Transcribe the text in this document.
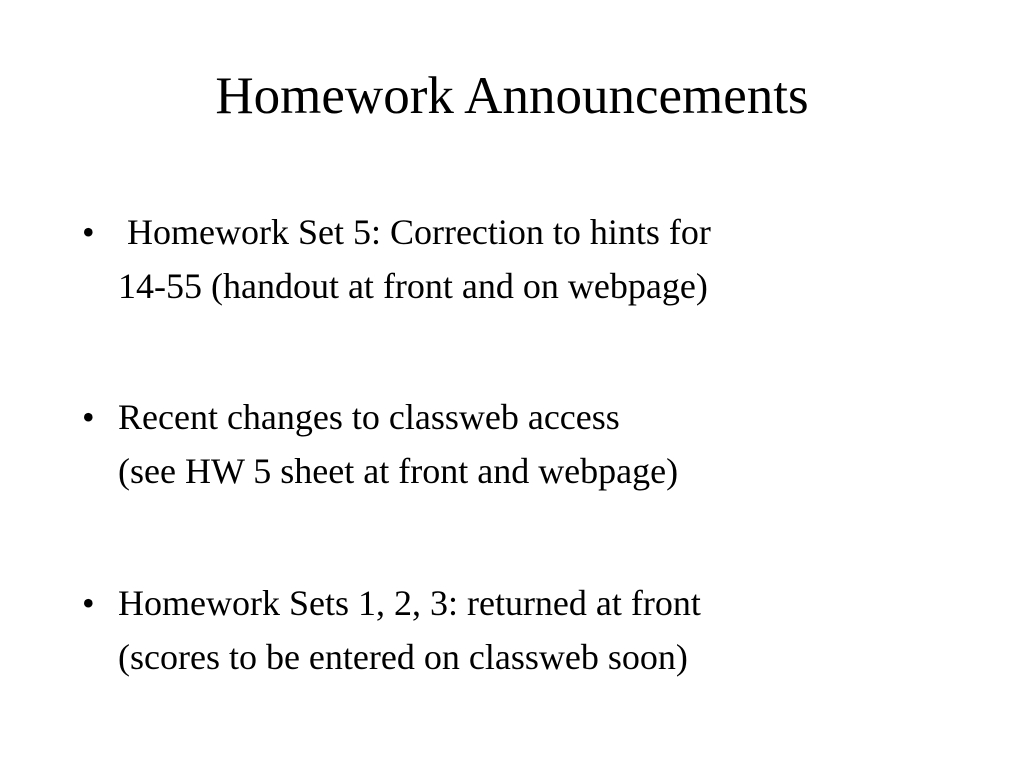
Homework Announcements
• Homework Set 5: Correction to hints for
14-55 (handout at front and on webpage)
• Recent changes to classweb access
(see HW 5 sheet at front and webpage)
• Homework Sets 1, 2, 3: returned at front
(scores to be entered on classweb soon)
